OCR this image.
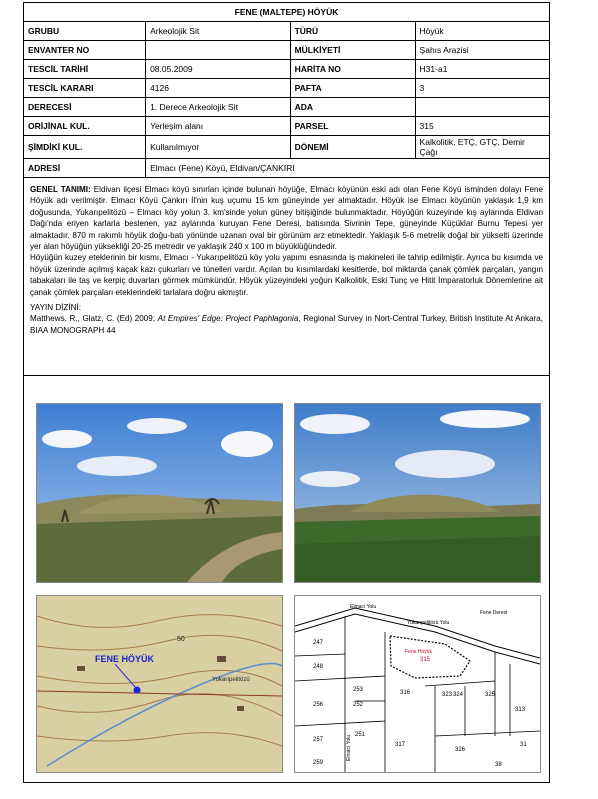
FENE (MALTEPE) HÖYÜK			
GRUBU	Arkeolojik Sit	TÜRÜ	Höyük
ENVANTER NO		MÜLKİYETİ	Şahıs Arazisi
TESCİL TARİHİ	08.05.2009	HARİTA NO	H31-a1
TESCİL KARARI	4126	PAFTA	3
DERECESİ	1. Derece Arkeolojik Sit	ADA	
ORİJİNAL KUL.	Yerleşim alanı	PARSEL	315
ŞİMDİKİ KUL.	Kullanılmıyor	DÖNEMİ	Kalkolitik, ETÇ, GTÇ, Demir Çağı
ADRESİ	Elmacı (Fene) Köyü, Eldivan/ÇANKIRI		
GENEL TANIMI: Eldivan ilçesi Elmacı köyü sınırları içinde bulunan höyüğe, Elmacı köyünün eski adı olan Fene Köyü isminden dolayı Fene Höyük adı verilmiştir. Elmacı Köyü Çankırı İl'nin kuş uçumu 15 km güneyinde yer almaktadır. Höyük ise Elmacı köyünün yaklaşık 1,9 km doğusunda, Yukarıpelitözü – Elmacı köy yolun 3. km'sinde yolun güney bitişiğinde bulunmaktadır. Höyüğün kuzeyinde kış aylarında Eldivan Dağı'nda eriyen karlarla beslenen, yaz aylarında kuruyan Fene Deresi, batısında Sivrinin Tepe, güneyinde Küçüklar Burnu Tepesi yer almaktadır. 870 m rakımlı höyük doğu-batı yönünde uzanan oval bir görünüm arz etmektedir. Yaklaşık 5-6 metrelik doğal bir yükselti üzerinde yer alan höyüğün yüksekliği 20-25 metredir ve yaklaşık 240 x 100 m büyüklüğündedir.
Höyüğün kuzey eteklerinin bir kısmı, Elmacı - Yukarıpelitözü köy yolu yapımı esnasında iş makineleri ile tahrip edilmiştir. Ayrıca bu kısımda ve höyük üzerinde açılmış kaçak kazı çukurları ve tünelleri vardır. Açılan bu kısımlardaki kesitlerde, bol miktarda çanak çömlek parçaları, yangın tabakaları ile taş ve kerpiç duvarları görmek mümkündür. Höyük yüzeyindeki yoğun Kalkolitik, Eski Tunç ve Hitit İmparatorluk Dönemlerine ait çanak çömlek parçaları eteklerindeki tarlalara doğru akmıştır.
YAYIN DİZİNİ:
Matthews, R., Glatz, C. (Ed) 2009; At Empires' Edge: Project Paphlagonia, Regional Survey in Nort-Central Turkey, British Institute At Ankara, BIAA MONOGRAPH 44
FENE HÖYÜK
50
Yukarıpelitözü
Fene Höyük
315
Elmacı Yolu
Yukarıpelitözü Yolu
Fene Deresi
Elmacı Yolu
247
248
256
253
252
257
251
259
316	323 324	325
317
313
326
31
38
